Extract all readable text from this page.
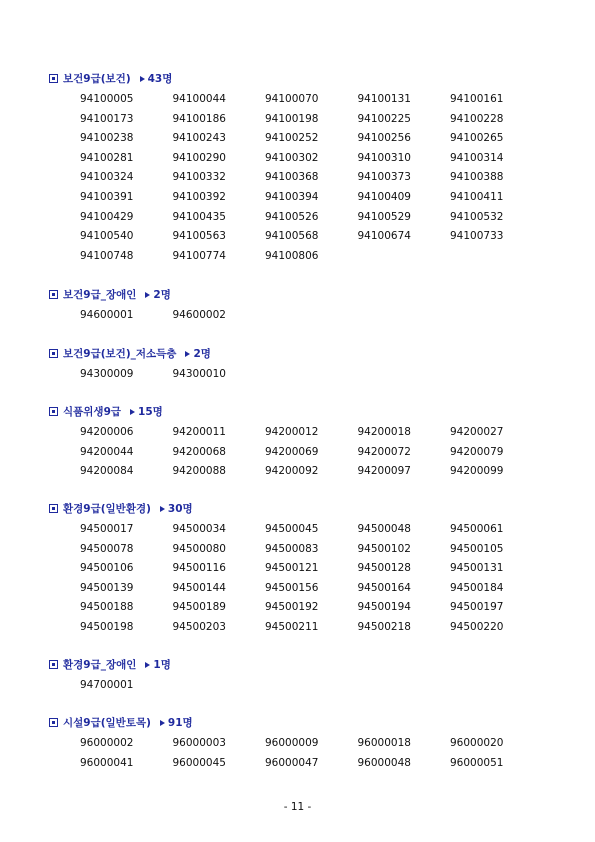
보건9급(보건) 43명
94100005	94100044	94100070	94100131	94100161
94100173	94100186	94100198	94100225	94100228
94100238	94100243	94100252	94100256	94100265
94100281	94100290	94100302	94100310	94100314
94100324	94100332	94100368	94100373	94100388
94100391	94100392	94100394	94100409	94100411
94100429	94100435	94100526	94100529	94100532
94100540	94100563	94100568	94100674	94100733
94100748	94100774	94100806
보건9급_장애인 2명
94600001	94600002
보건9급(보건)_저소득층 2명
94300009	94300010
식품위생9급 15명
94200006	94200011	94200012	94200018	94200027
94200044	94200068	94200069	94200072	94200079
94200084	94200088	94200092	94200097	94200099
환경9급(일반환경) 30명
94500017	94500034	94500045	94500048	94500061
94500078	94500080	94500083	94500102	94500105
94500106	94500116	94500121	94500128	94500131
94500139	94500144	94500156	94500164	94500184
94500188	94500189	94500192	94500194	94500197
94500198	94500203	94500211	94500218	94500220
환경9급_장애인 1명
94700001
시설9급(일반토목) 91명
96000002	96000003	96000009	96000018	96000020
96000041	96000045	96000047	96000048	96000051
- 11 -
